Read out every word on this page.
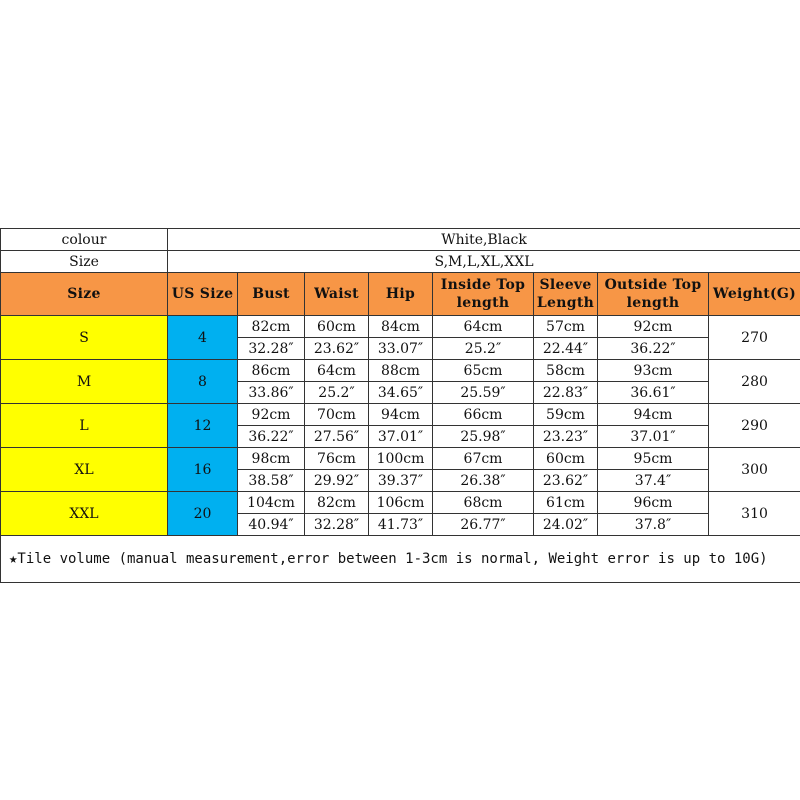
colour	White,Black							
Size	S,M,L,XL,XXL							
Size	US Size	Bust	Waist	Hip	Inside Top length	Sleeve Length	Outside Top length	Weight(G)
S	4	82cm	60cm	84cm	64cm	57cm	92cm	270
		32.28″	23.62″	33.07″	25.2″	22.44″	36.22″	
M	8	86cm	64cm	88cm	65cm	58cm	93cm	280
		33.86″	25.2″	34.65″	25.59″	22.83″	36.61″	
L	12	92cm	70cm	94cm	66cm	59cm	94cm	290
		36.22″	27.56″	37.01″	25.98″	23.23″	37.01″	
XL	16	98cm	76cm	100cm	67cm	60cm	95cm	300
		38.58″	29.92″	39.37″	26.38″	23.62″	37.4″	
XXL	20	104cm	82cm	106cm	68cm	61cm	96cm	310
		40.94″	32.28″	41.73″	26.77″	24.02″	37.8″	
★Tile volume (manual measurement,error between 1-3cm is normal, Weight error is up to 10G)								
